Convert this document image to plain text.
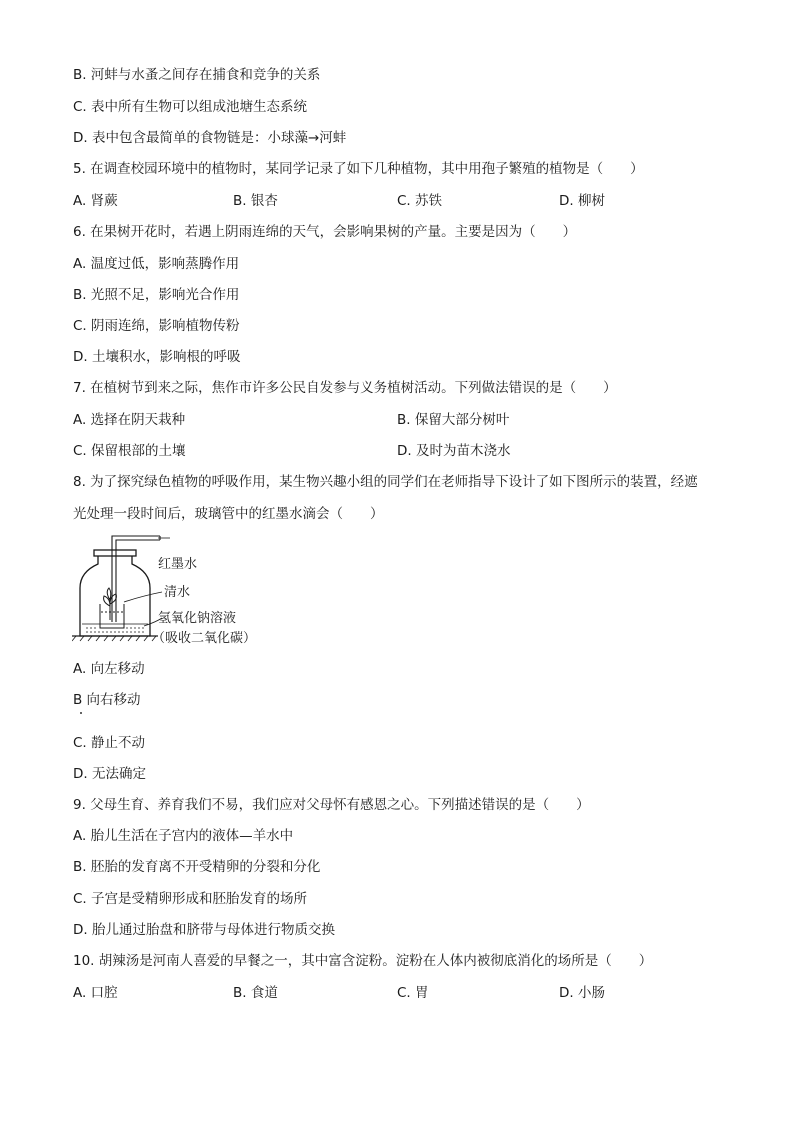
B. 河蚌与水蚤之间存在捕食和竞争的关系
C. 表中所有生物可以组成池塘生态系统
D. 表中包含最简单的食物链是：小球藻→河蚌
5. 在调查校园环境中的植物时，某同学记录了如下几种植物，其中用孢子繁殖的植物是（　　）
A. 肾蕨	B. 银杏	C. 苏铁	D. 柳树
6. 在果树开花时，若遇上阴雨连绵的天气，会影响果树的产量。主要是因为（　　）
A. 温度过低，影响蒸腾作用
B. 光照不足，影响光合作用
C. 阴雨连绵，影响植物传粉
D. 土壤积水，影响根的呼吸
7. 在植树节到来之际，焦作市许多公民自发参与义务植树活动。下列做法错误的是（　　）
A. 选择在阴天栽种	B. 保留大部分树叶
C. 保留根部的土壤	D. 及时为苗木浇水
8. 为了探究绿色植物的呼吸作用，某生物兴趣小组的同学们在老师指导下设计了如下图所示的装置，经遮
光处理一段时间后，玻璃管中的红墨水滴会（　　）
红墨水
清水
氢氧化钠溶液
（吸收二氧化碳）
A. 向左移动
B 向右移动
C. 静止不动
D. 无法确定
9. 父母生育、养育我们不易，我们应对父母怀有感恩之心。下列描述错误的是（　　）
A. 胎儿生活在子宫内的液体—羊水中
B. 胚胎的发育离不开受精卵的分裂和分化
C. 子宫是受精卵形成和胚胎发育的场所
D. 胎儿通过胎盘和脐带与母体进行物质交换
10. 胡辣汤是河南人喜爱的早餐之一，其中富含淀粉。淀粉在人体内被彻底消化的场所是（　　）
A. 口腔	B. 食道	C. 胃	D. 小肠
